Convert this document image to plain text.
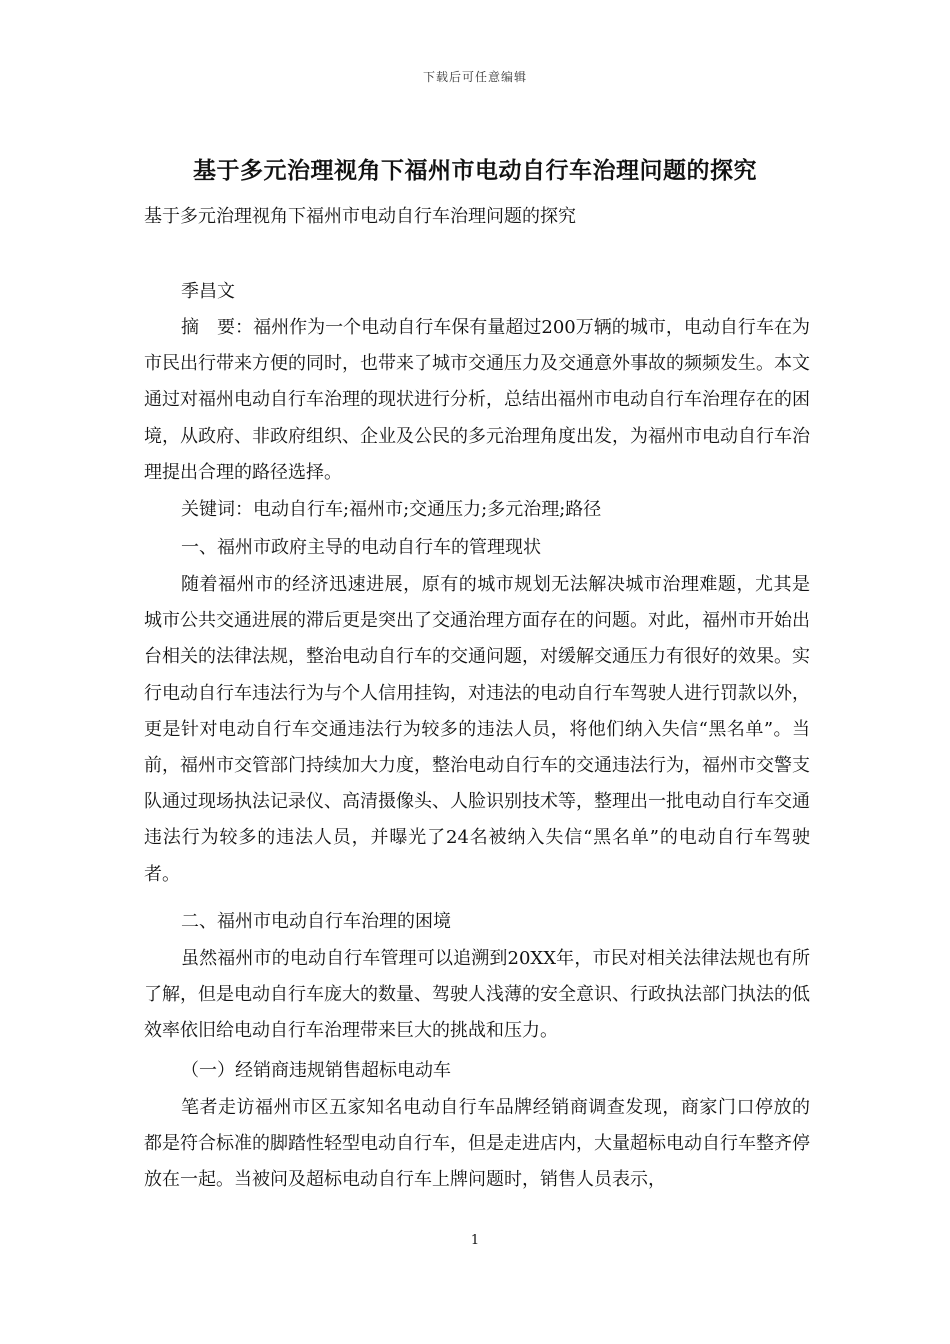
下载后可任意编辑
基于多元治理视角下福州市电动自行车治理问题的探究
基于多元治理视角下福州市电动自行车治理问题的探究
季昌文

摘　要：福州作为一个电动自行车保有量超过200万辆的城市，电动自行车在为市民出行带来方便的同时，也带来了城市交通压力及交通意外事故的频频发生。本文通过对福州电动自行车治理的现状进行分析，总结出福州市电动自行车治理存在的困境，从政府、非政府组织、企业及公民的多元治理角度出发，为福州市电动自行车治理提出合理的路径选择。

关键词：电动自行车;福州市;交通压力;多元治理;路径

一、福州市政府主导的电动自行车的管理现状

随着福州市的经济迅速进展，原有的城市规划无法解决城市治理难题，尤其是城市公共交通进展的滞后更是突出了交通治理方面存在的问题。对此，福州市开始出台相关的法律法规，整治电动自行车的交通问题，对缓解交通压力有很好的效果。实行电动自行车违法行为与个人信用挂钩，对违法的电动自行车驾驶人进行罚款以外，更是针对电动自行车交通违法行为较多的违法人员，将他们纳入失信“黑名单”。当前，福州市交管部门持续加大力度，整治电动自行车的交通违法行为，福州市交警支队通过现场执法记录仪、高清摄像头、人脸识别技术等，整理出一批电动自行车交通违法行为较多的违法人员，并曝光了24名被纳入失信“黑名单”的电动自行车驾驶者。

二、福州市电动自行车治理的困境

虽然福州市的电动自行车管理可以追溯到20XX年，市民对相关法律法规也有所了解，但是电动自行车庞大的数量、驾驶人浅薄的安全意识、行政执法部门执法的低效率依旧给电动自行车治理带来巨大的挑战和压力。

（一）经销商违规销售超标电动车

笔者走访福州市区五家知名电动自行车品牌经销商调查发现，商家门口停放的都是符合标准的脚踏性轻型电动自行车，但是走进店内，大量超标电动自行车整齐停放在一起。当被问及超标电动自行车上牌问题时，销售人员表示，

1
